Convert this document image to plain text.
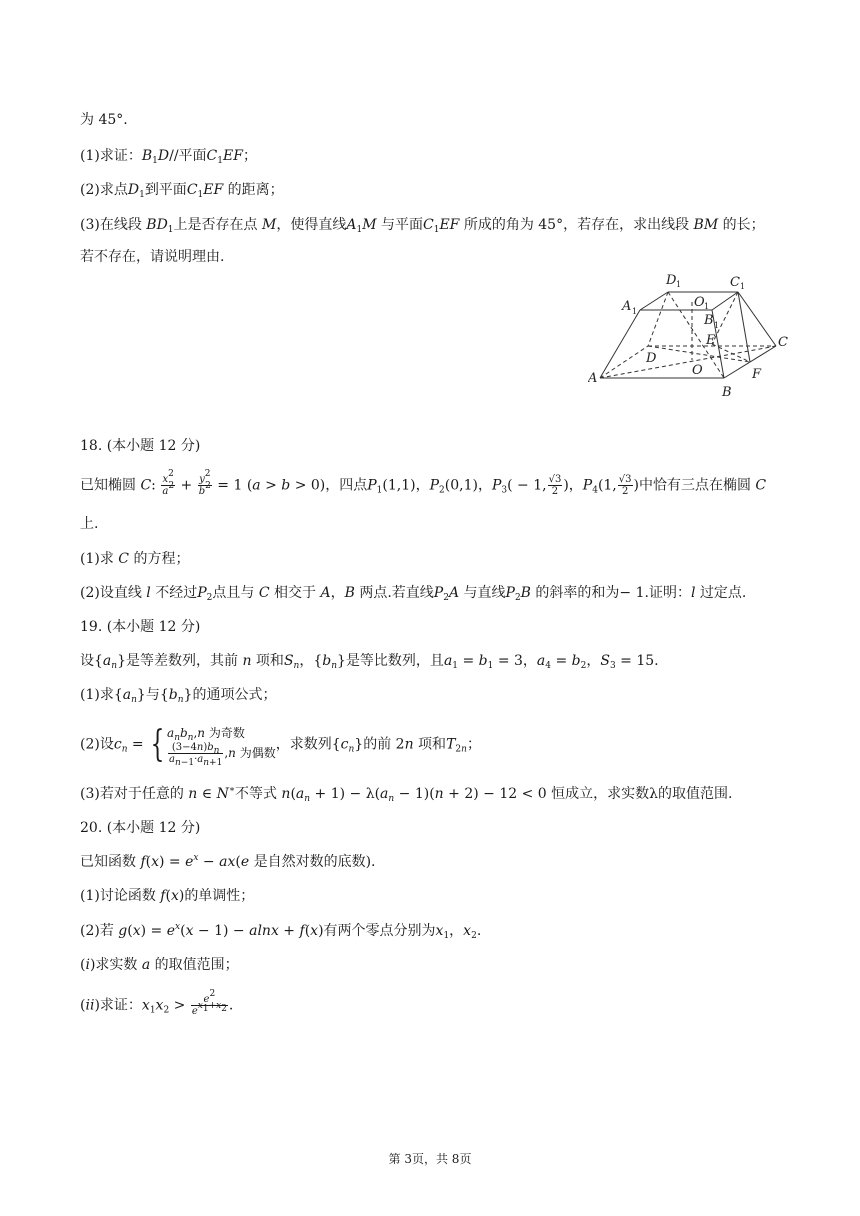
为 45°.
(1)求证：$B_1D//$平面$C_1EF$；
(2)求点$D_1$到平面$C_1EF$ 的距离；
(3)在线段 $BD_1$上是否存在点 M，使得直线$A_1M$ 与平面$C_1EF$ 所成的角为 45°，若存在，求出线段 BM 的长；
若不存在，请说明理由.
A
B
C
D
A
B
C
D
O
O
E
F
1
1
1
1
1
18. (本小题 12 分)
已知椭圆 C: $\frac{x^2}{a^2} + \frac{y^2}{b^2} = 1$ (a > b > 0)，四点$P_1(1,1)$，$P_2(0,1)$，$P_3( - 1$, $\frac{√3}{2}$ )，$P_4(1$, $\frac{√3}{2}$ )中恰有三点在椭圆 C
上.
(1)求 C 的方程；
(2)设直线 l 不经过$P_2$点且与 C 相交于 A，B 两点.若直线$P_2A$ 与直线$P_2B$ 的斜率的和为− 1.证明：l 过定点.
19. (本小题 12 分)
设$\{a_n\}$是等差数列，其前 n 项和$S_n$，$\{b_n\}$是等比数列，且$a_1 = b_1 = 3$，$a_4 = b_2$，$S_3 = 15$.
(1)求$\{a_n\}$与$\{b_n\}$的通项公式；
(2)设$c_n$ = { $a_nb_n,n$ 为奇数
$\frac{(3-4n)b_n}{a_{n-1}\cdot a_{n+1}} ,n$ 为偶数
，求数列$\{c_n\}$的前 2n 项和$T_{2n}$；
(3)若对于任意的 n ∈ N∗不等式 $n(a_n + 1) - \lambda(a_n - 1)(n + 2) - 12 < 0$ 恒成立，求实数λ的取值范围.
20. (本小题 12 分)
已知函数 $f(x) = e^x - ax(e$ 是自然对数的底数).
(1)讨论函数 f(x)的单调性；
(2)若 $g(x) = e^x(x - 1) - alnx + f(x)$有两个零点分别为$x_1$，$x_2$.
(i)求实数 a 的取值范围；
(ii)求证：$x_1x_2 > \frac{e^2}{e^{x_1+x_2}}$ .
第 3页，共 8页
